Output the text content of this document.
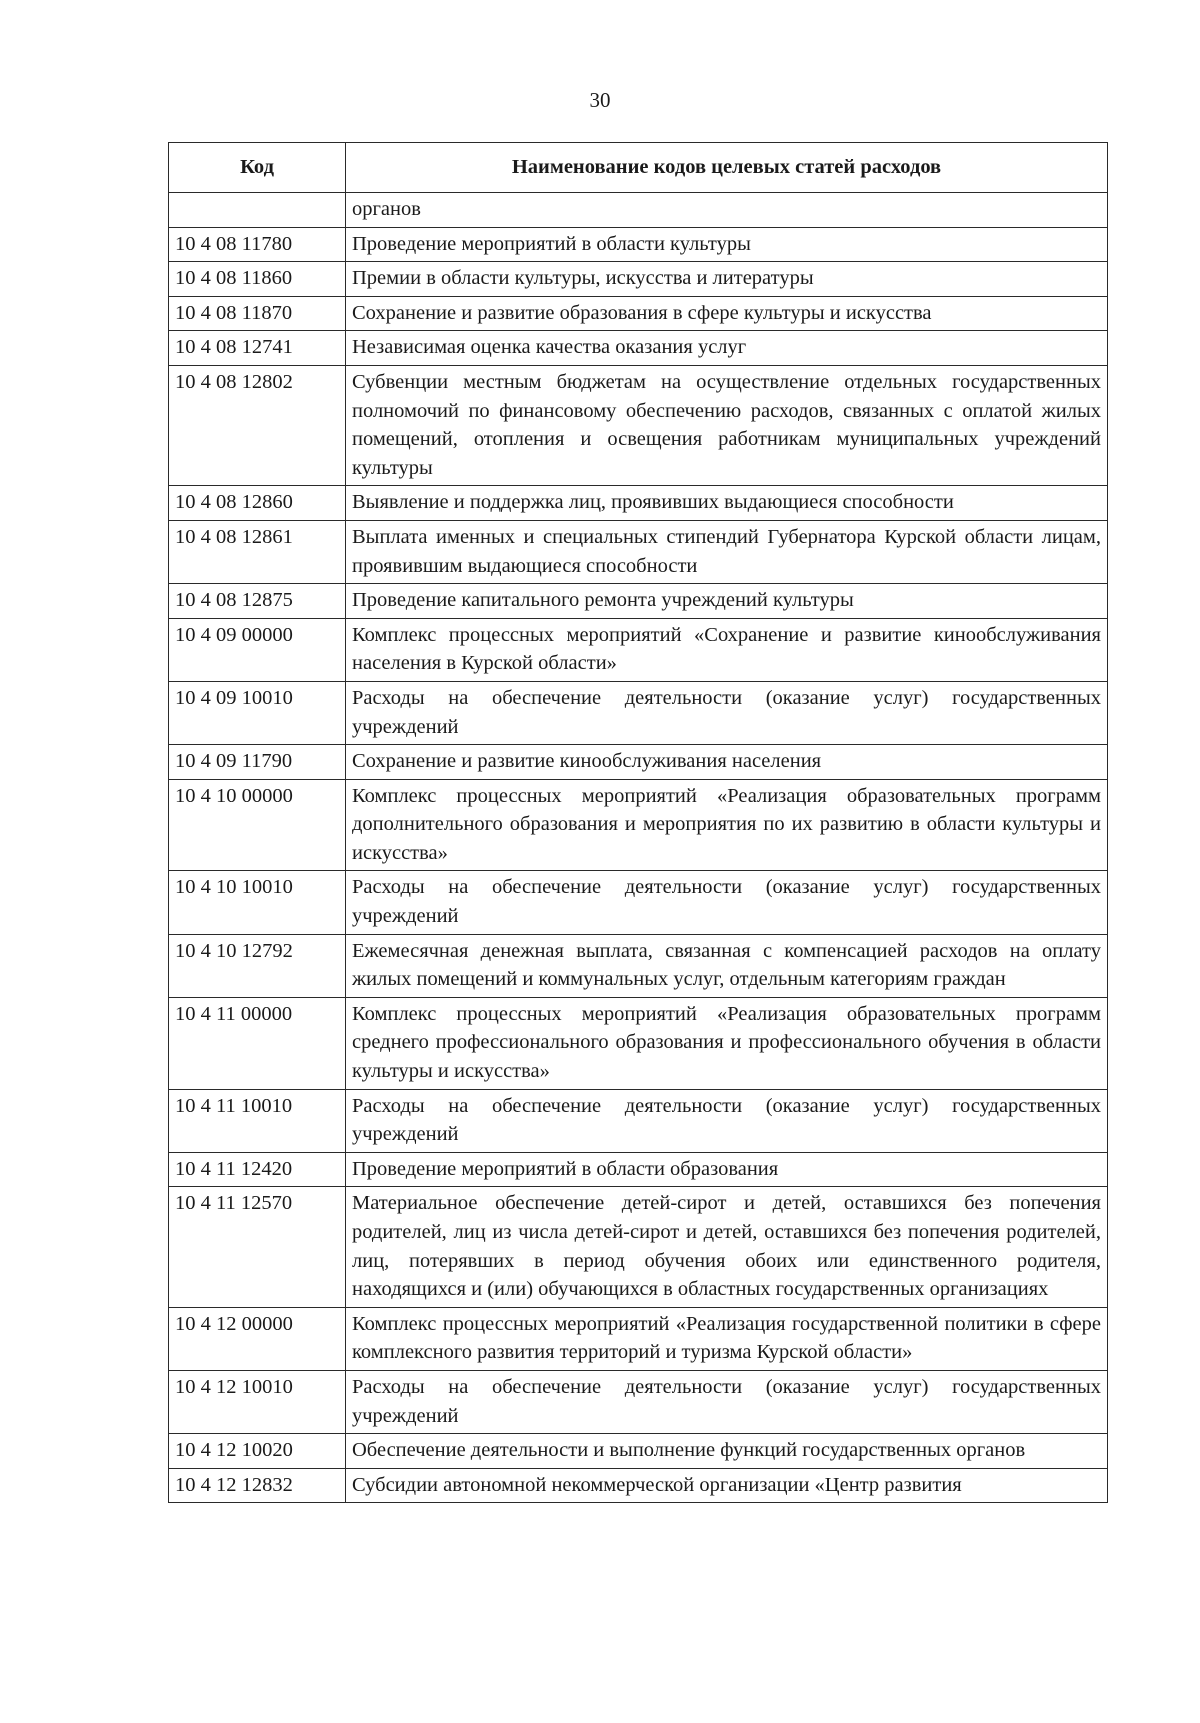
30
Код	Наименование кодов целевых статей расходов
	органов
10 4 08 11780	Проведение мероприятий в области культуры
10 4 08 11860	Премии в области культуры, искусства и литературы
10 4 08 11870	Сохранение и развитие образования в сфере культуры и искусства
10 4 08 12741	Независимая оценка качества оказания услуг
10 4 08 12802	Субвенции местным бюджетам на осуществление отдельных государственных полномочий по финансовому обеспечению расходов, связанных с оплатой жилых помещений, отопления и освещения работникам муниципальных учреждений культуры
10 4 08 12860	Выявление и поддержка лиц, проявивших выдающиеся способности
10 4 08 12861	Выплата именных и специальных стипендий Губернатора Курской области лицам, проявившим выдающиеся способности
10 4 08 12875	Проведение капитального ремонта учреждений культуры
10 4 09 00000	Комплекс процессных мероприятий «Сохранение и развитие кинообслуживания населения в Курской области»
10 4 09 10010	Расходы на обеспечение деятельности (оказание услуг) государственных учреждений
10 4 09 11790	Сохранение и развитие кинообслуживания населения
10 4 10 00000	Комплекс процессных мероприятий «Реализация образовательных программ дополнительного образования и мероприятия по их развитию в области культуры и искусства»
10 4 10 10010	Расходы на обеспечение деятельности (оказание услуг) государственных учреждений
10 4 10 12792	Ежемесячная денежная выплата, связанная с компенсацией расходов на оплату жилых помещений и коммунальных услуг, отдельным категориям граждан
10 4 11 00000	Комплекс процессных мероприятий «Реализация образовательных программ среднего профессионального образования и профессионального обучения в области культуры и искусства»
10 4 11 10010	Расходы на обеспечение деятельности (оказание услуг) государственных учреждений
10 4 11 12420	Проведение мероприятий в области образования
10 4 11 12570	Материальное обеспечение детей-сирот и детей, оставшихся без попечения родителей, лиц из числа детей-сирот и детей, оставшихся без попечения родителей, лиц, потерявших в период обучения обоих или единственного родителя, находящихся и (или) обучающихся в областных государственных организациях
10 4 12 00000	Комплекс процессных мероприятий «Реализация государственной политики в сфере комплексного развития территорий и туризма Курской области»
10 4 12 10010	Расходы на обеспечение деятельности (оказание услуг) государственных учреждений
10 4 12 10020	Обеспечение деятельности и выполнение функций государственных органов
10 4 12 12832	Субсидии автономной некоммерческой организации «Центр развития
